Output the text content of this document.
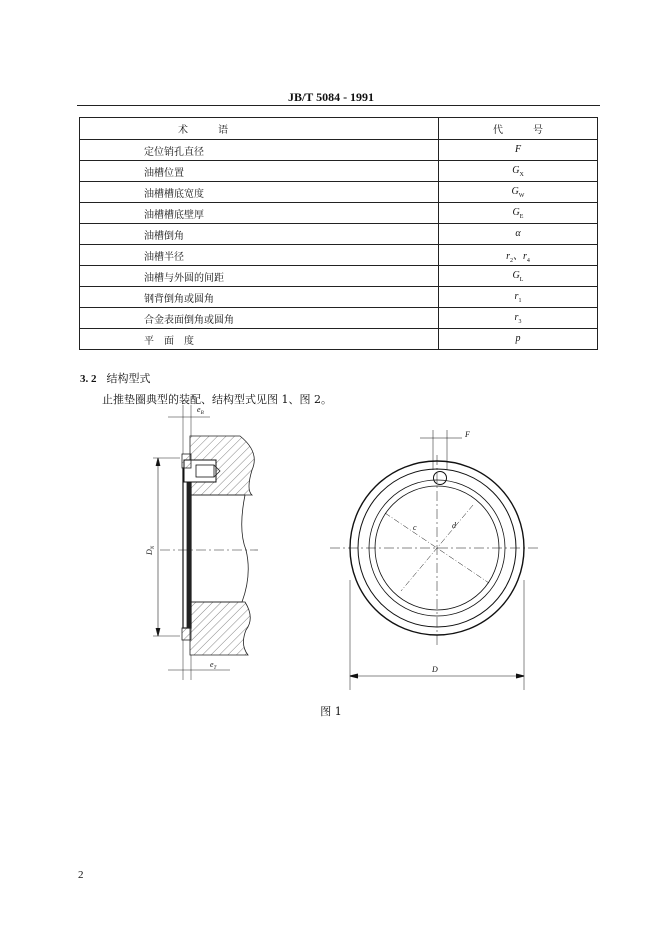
JB/T 5084 - 1991
术　　　语	代　　　号
定位销孔直径	F
油槽位置	$G_X$
油槽槽底宽度	$G_W$
油槽槽底壁厚	$G_E$
油槽倒角	α
油槽半径	$r_2$、$r_4$
油槽与外圆的间距	$G_L$
钢背倒角或圆角	$r_1$
合金表面倒角或圆角	$r_3$
平　面　度	p
3. 2 结构型式
止推垫圈典型的装配、结构型式见图 1、图 2。
$e_B$
$e_T$
$D_N$
F
D
c	d
图 1
2
